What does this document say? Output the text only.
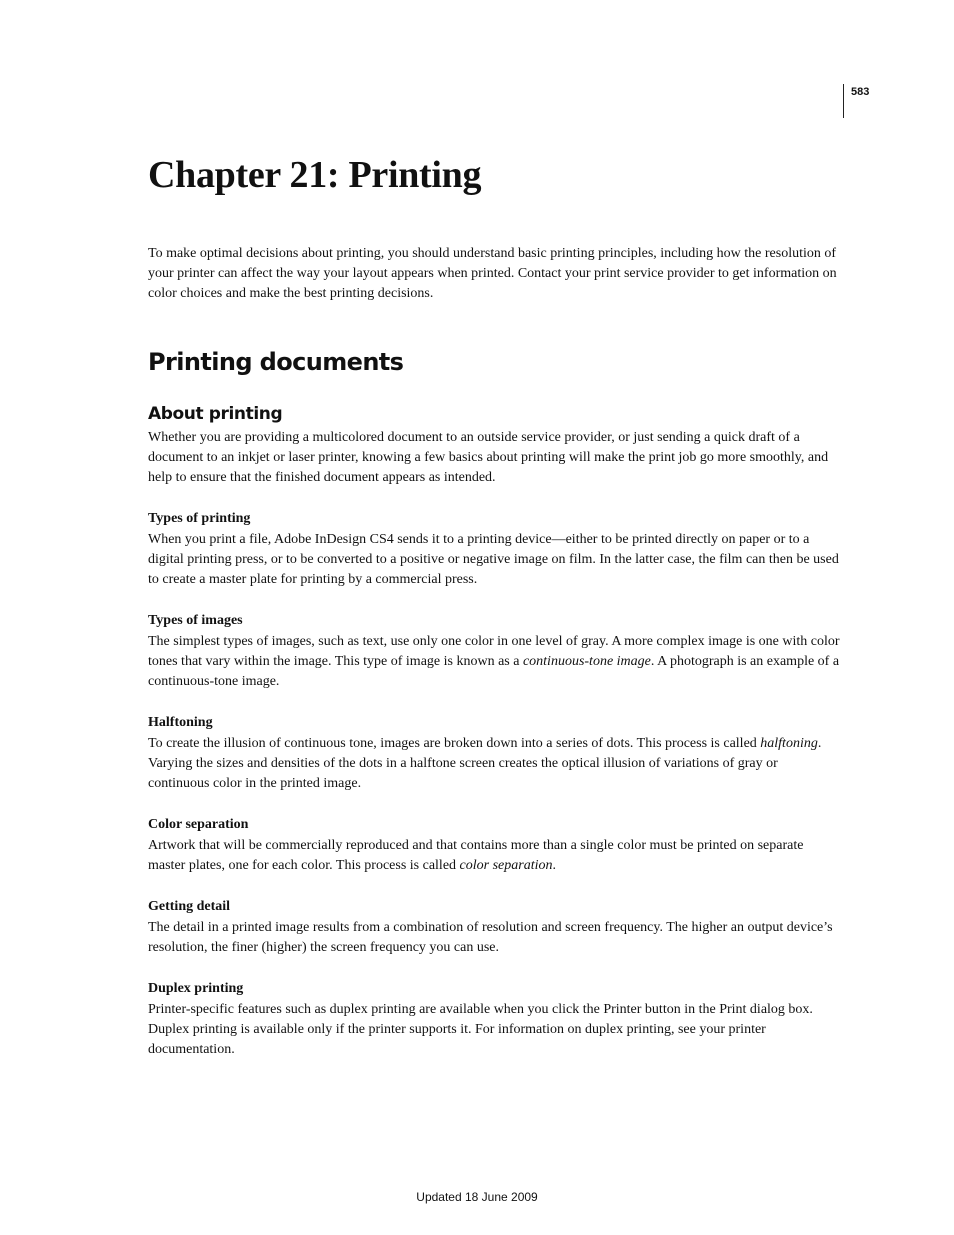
583
Chapter 21: Printing

To make optimal decisions about printing, you should understand basic printing principles, including how the resolution of your printer can affect the way your layout appears when printed. Contact your print service provider to get information on color choices and make the best printing decisions.

Printing documents
About printing

Whether you are providing a multicolored document to an outside service provider, or just sending a quick draft of a document to an inkjet or laser printer, knowing a few basics about printing will make the print job go more smoothly, and help to ensure that the finished document appears as intended.

Types of printing

When you print a file, Adobe InDesign CS4 sends it to a printing device—either to be printed directly on paper or to a digital printing press, or to be converted to a positive or negative image on film. In the latter case, the film can then be used to create a master plate for printing by a commercial press.

Types of images

The simplest types of images, such as text, use only one color in one level of gray. A more complex image is one with color tones that vary within the image. This type of image is known as a continuous-tone image. A photograph is an example of a continuous-tone image.

Halftoning

To create the illusion of continuous tone, images are broken down into a series of dots. This process is called halftoning. Varying the sizes and densities of the dots in a halftone screen creates the optical illusion of variations of gray or continuous color in the printed image.

Color separation

Artwork that will be commercially reproduced and that contains more than a single color must be printed on separate master plates, one for each color. This process is called color separation.

Getting detail

The detail in a printed image results from a combination of resolution and screen frequency. The higher an output device’s resolution, the finer (higher) the screen frequency you can use.

Duplex printing

Printer-specific features such as duplex printing are available when you click the Printer button in the Print dialog box. Duplex printing is available only if the printer supports it. For information on duplex printing, see your printer documentation.

Updated 18 June 2009
